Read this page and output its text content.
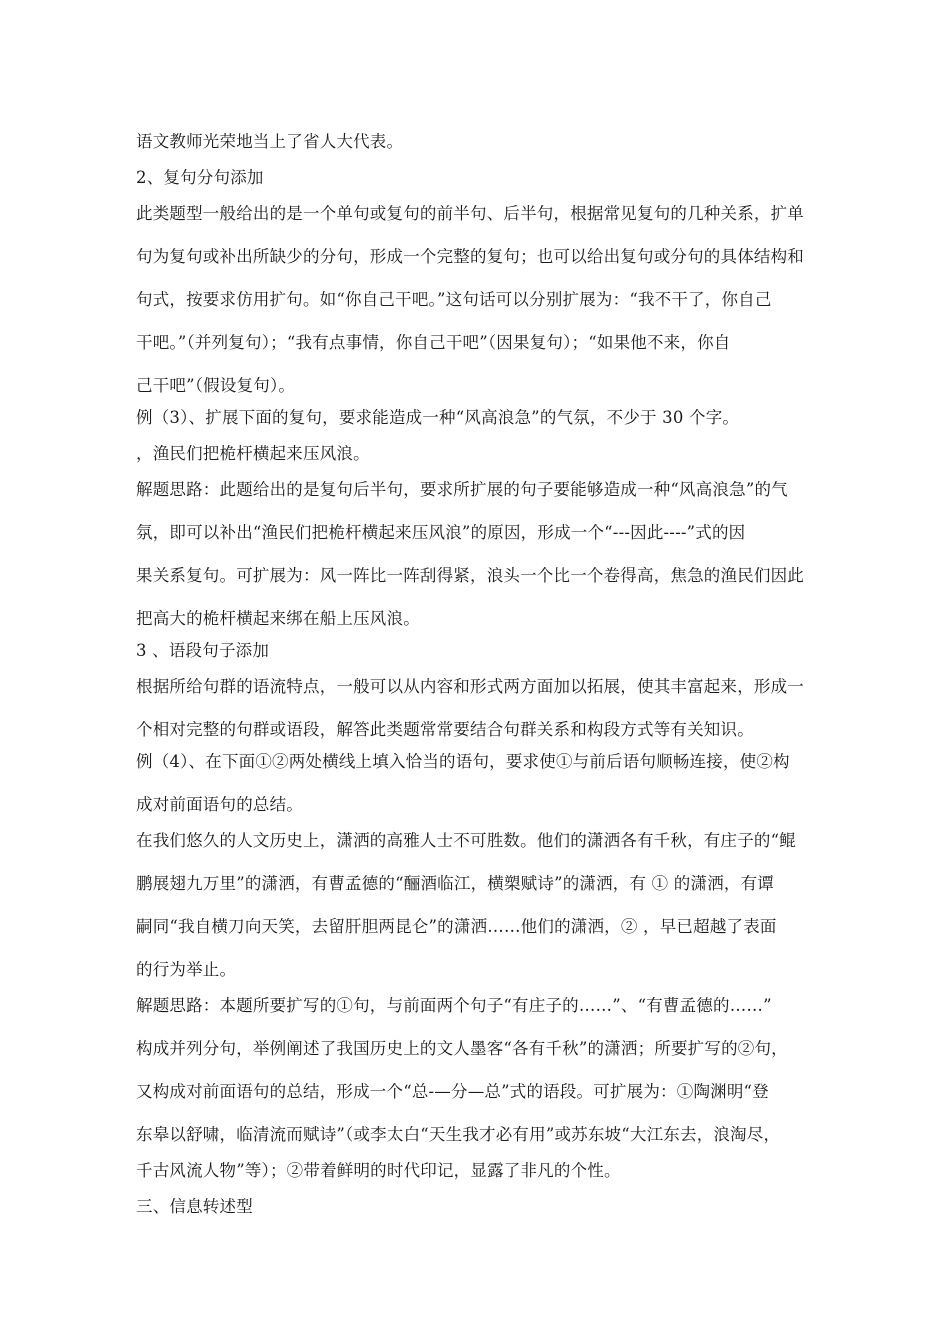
语文教师光荣地当上了省人大代表。
2、复句分句添加
此类题型一般给出的是一个单句或复句的前半句、后半句，根据常见复句的几种关系，扩单
句为复句或补出所缺少的分句，形成一个完整的复句；也可以给出复句或分句的具体结构和
句式，按要求仿用扩句。如“你自己干吧。”这句话可以分别扩展为：“我不干了，你自己
干吧。”（并列复句）；“我有点事情，你自己干吧”（因果复句）；“如果他不来，你自
己干吧”（假设复句）。
例（3）、扩展下面的复句，要求能造成一种“风高浪急”的气氛，不少于 30 个字。
，渔民们把桅杆横起来压风浪。
解题思路：此题给出的是复句后半句，要求所扩展的句子要能够造成一种“风高浪急”的气
氛，即可以补出“渔民们把桅杆横起来压风浪”的原因，形成一个“---因此----”式的因
果关系复句。可扩展为：风一阵比一阵刮得紧，浪头一个比一个卷得高，焦急的渔民们因此
把高大的桅杆横起来绑在船上压风浪。
3 、语段句子添加
根据所给句群的语流特点，一般可以从内容和形式两方面加以拓展，使其丰富起来，形成一
个相对完整的句群或语段，解答此类题常常要结合句群关系和构段方式等有关知识。
例（4）、在下面①②两处横线上填入恰当的语句，要求使①与前后语句顺畅连接，使②构
成对前面语句的总结。
在我们悠久的人文历史上，潇洒的高雅人士不可胜数。他们的潇洒各有千秋，有庄子的“鲲
鹏展翅九万里”的潇洒，有曹孟德的“酾酒临江，横槊赋诗”的潇洒，有 ① 的潇洒，有谭
嗣同“我自横刀向天笑，去留肝胆两昆仑”的潇洒……他们的潇洒，② ，早已超越了表面
的行为举止。
解题思路：本题所要扩写的①句，与前面两个句子“有庄子的……”、“有曹孟德的……”
构成并列分句，举例阐述了我国历史上的文人墨客“各有千秋”的潇洒；所要扩写的②句，
又构成对前面语句的总结，形成一个“总-—分—总”式的语段。可扩展为：①陶渊明“登
东皋以舒啸，临清流而赋诗”（或李太白“天生我才必有用”或苏东坡“大江东去，浪淘尽，
千古风流人物”等）；②带着鲜明的时代印记，显露了非凡的个性。
三、信息转述型
